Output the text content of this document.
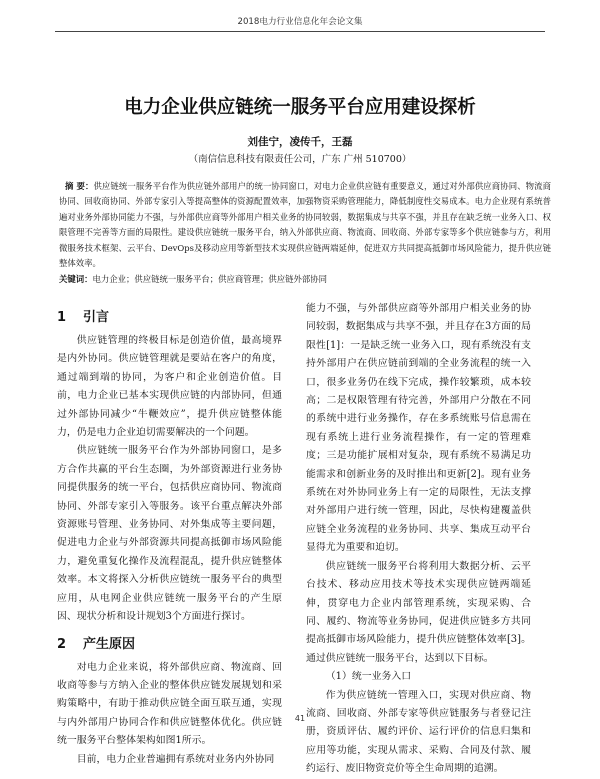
2018电力行业信息化年会论文集
电力企业供应链统一服务平台应用建设探析
刘佳宁，凌传千，王磊
（南信信息科技有限责任公司，广东 广州 510700）
摘 要：供应链统一服务平台作为供应链外部用户的统一协同窗口，对电力企业供应链有重要意义，通过对外部供应商协同、物流商协同、回收商协同、外部专家引入等提高整体的资源配置效率，加强物资采购管理能力，降低制度性交易成本。电力企业现有系统普遍对业务外部协同能力不强，与外部供应商等外部用户相关业务的协同较弱，数据集成与共享不强，并且存在缺乏统一业务入口、权限管理不完善等方面的局限性。建设供应链统一服务平台，纳入外部供应商、物流商、回收商、外部专家等多个供应链参与方，利用微服务技术框架、云平台、DevOps及移动应用等新型技术实现供应链两端延伸，促进双方共同提高抵御市场风险能力，提升供应链整体效率。
关键词：电力企业；供应链统一服务平台；供应商管理；供应链外部协同
1 引言

供应链管理的终极目标是创造价值，最高境界是内外协同。供应链管理就是要站在客户的角度，通过端到端的协同，为客户和企业创造价值。目前，电力企业已基本实现供应链的内部协同，但通过外部协同减少“牛鞭效应”，提升供应链整体能力，仍是电力企业迫切需要解决的一个问题。

供应链统一服务平台作为外部协同窗口，是多方合作共赢的平台生态圈，为外部资源进行业务协同提供服务的统一平台，包括供应商协同、物流商协同、外部专家引入等服务。该平台重点解决外部资源账号管理、业务协同、对外集成等主要问题，促进电力企业与外部资源共同提高抵御市场风险能力，避免重复化操作及流程混乱，提升供应链整体效率。本文将探入分析供应链统一服务平台的典型应用，从电网企业供应链统一服务平台的产生原因、现状分析和设计规划3个方面进行探讨。

2 产生原因

对电力企业来说，将外部供应商、物流商、回收商等参与方纳入企业的整体供应链发展规划和采购策略中，有助于推动供应链全面互联互通，实现与内外部用户协同合作和供应链整体优化。供应链统一服务平台整体架构如图1所示。

目前，电力企业普遍拥有系统对业务内外协同

能力不强，与外部供应商等外部用户相关业务的协同较弱，数据集成与共享不强，并且存在3方面的局限性[1]：一是缺乏统一业务入口，现有系统没有支持外部用户在供应链前到端的全业务流程的统一入口，很多业务仍在线下完成，操作较繁琐，成本较高；二是权限管理有待完善，外部用户分散在不同的系统中进行业务操作，存在多系统账号信息需在现有系统上进行业务流程操作，有一定的管理难度；三是功能扩展相对复杂，现有系统不易满足功能需求和创新业务的及时推出和更新[2]。现有业务系统在对外协同业务上有一定的局限性，无法支撑对外部用户进行统一管理，因此，尽快构建覆盖供应链全业务流程的业务协同、共享、集成互动平台显得尤为重要和迫切。

供应链统一服务平台将利用大数据分析、云平台技术、移动应用技术等技术实现供应链两端延伸，贯穿电力企业内部管理系统，实现采购、合同、履约、物流等业务协同，促进供应链多方共同提高抵御市场风险能力，提升供应链整体效率[3]。通过供应链统一服务平台，达到以下目标。

（1）统一业务入口

作为供应链统一管理入口，实现对供应商、物流商、回收商、外部专家等供应链服务与者登记注册，资质评估、履约评价、运行评价的信息归集和应用等功能，实现从需求、采购、合同及付款、履约运行、废旧物资竞价等全生命周期的追溯。

41
